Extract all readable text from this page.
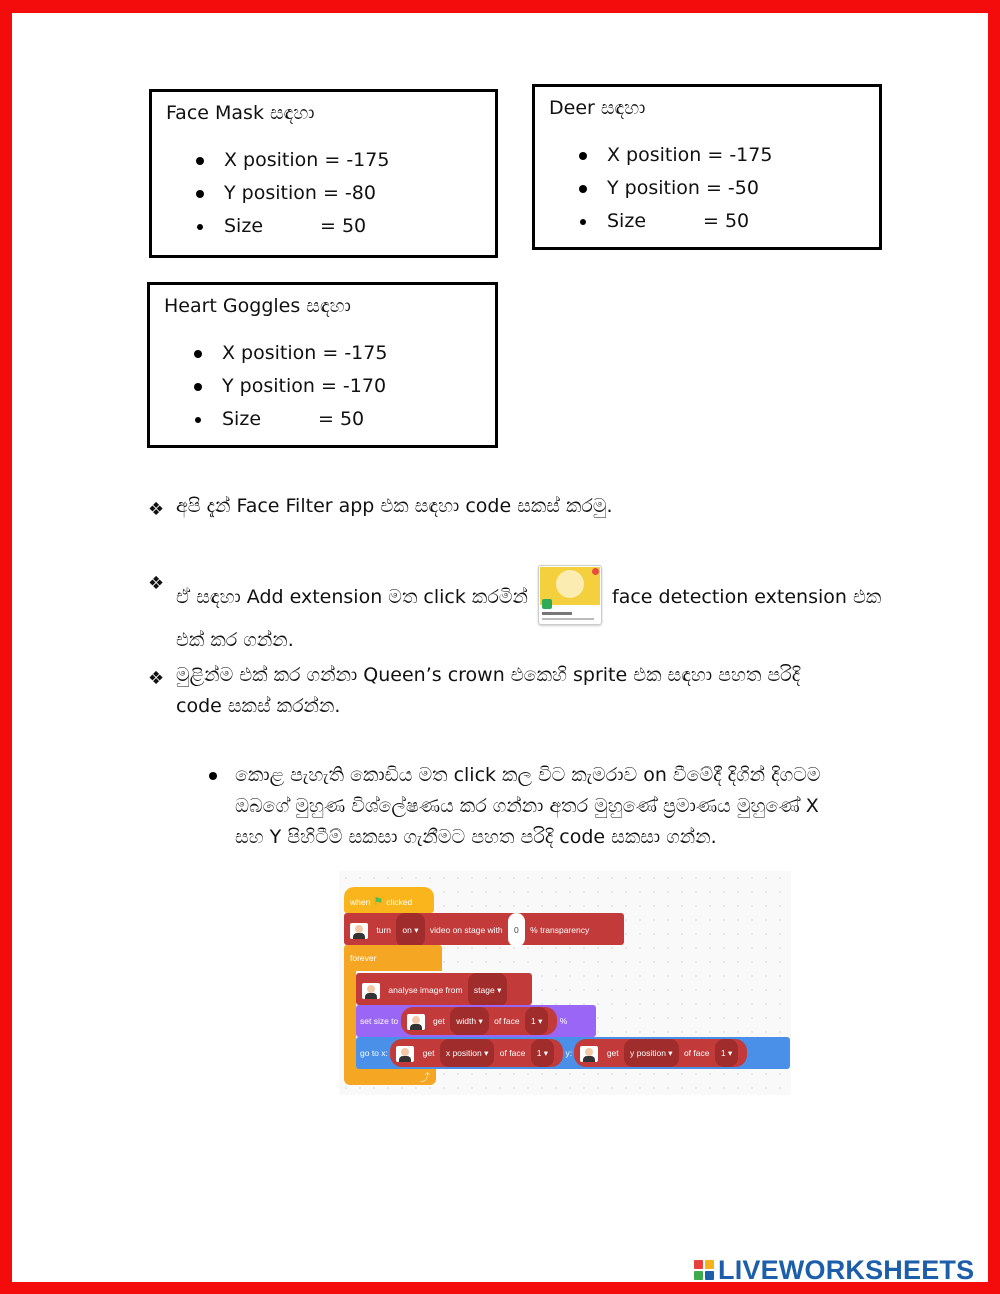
Face Mask සඳහා
X position = -175
Y position = -80
Size	= 50
Deer සඳහා
X position = -175
Y position = -50
Size	= 50
Heart Goggles සඳහා
X position = -175
Y position = -170
Size	= 50
❖ අපි දැන් Face Filter app එක සඳහා code සකස් කරමු.
❖
ඒ සඳහා Add extension මත click කරමින්	face detection extension එක
එක් කර ගන්න.
❖ මුළින්ම එක් කර ගන්නා Queen’s crown එකෙහි sprite එක සඳහා පහත පරිදි
code සකස් කරන්න.
කොළ පැහැති කොඩිය මත click කල විට කැමරාව on වීමේදී දිගින් දිගටම
ඔබගේ මුහුණ විශ්ලේෂණය කර ගන්නා අතර මුහුණේ ප්‍රමාණය මුහුණේ X
සහ Y පිහිටීම් සකසා ගැනීමට පහත පරිදි code සකසා ගන්න.
when ⚑ clicked
turn on ▾ video on stage with 0 % transparency
forever
⤴
analyse image from stage ▾
set size to	get width ▾ of face 1 ▾ %
go to x:	get x position ▾ of face 1 ▾ y:	get y position ▾ of face 1 ▾
LIVEWORKSHEETS
